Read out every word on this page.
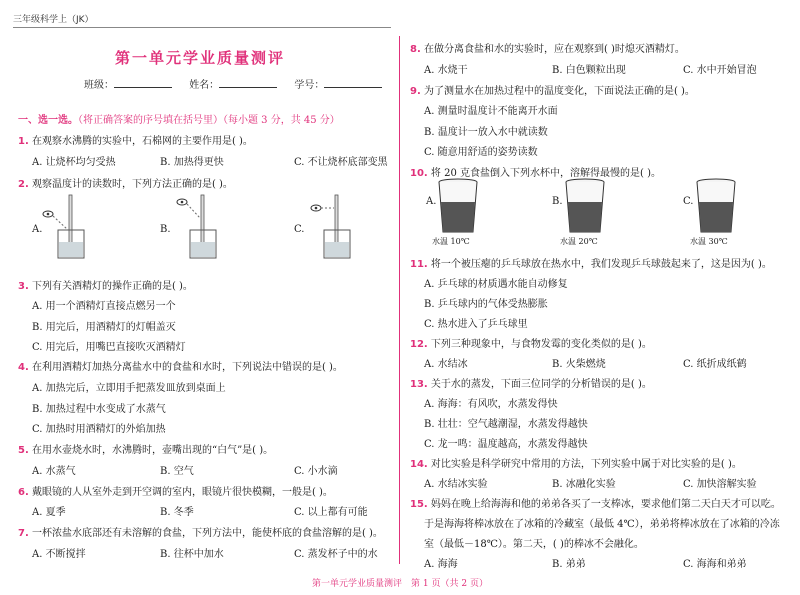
三年级科学上（JK）
第一单元学业质量测评
班级：	姓名：	学号：
一、选一选。（将正确答案的序号填在括号里）（每小题 3 分，共 45 分）
1. 在观察水沸腾的实验中，石棉网的主要作用是( )。
A. 让烧杯均匀受热	B. 加热得更快	C. 不让烧杯底部变黑
2. 观察温度计的读数时，下列方法正确的是( )。
A.	B.	C.
3. 下列有关酒精灯的操作正确的是( )。
A. 用一个酒精灯直接点燃另一个
B. 用完后，用酒精灯的灯帽盖灭
C. 用完后，用嘴巴直接吹灭酒精灯
4. 在利用酒精灯加热分离盐水中的食盐和水时，下列说法中错误的是( )。
A. 加热完后，立即用手把蒸发皿放到桌面上
B. 加热过程中水变成了水蒸气
C. 加热时用酒精灯的外焰加热
5. 在用水壶烧水时，水沸腾时，壶嘴出现的“白气”是( )。
A. 水蒸气	B. 空气	C. 小水滴
6. 戴眼镜的人从室外走到开空调的室内，眼镜片很快模糊，一般是( )。
A. 夏季	B. 冬季	C. 以上都有可能
7. 一杯浓盐水底部还有未溶解的食盐，下列方法中，能使杯底的食盐溶解的是( )。
A. 不断搅拌	B. 往杯中加水	C. 蒸发杯子中的水
8. 在做分离食盐和水的实验时，应在观察到( )时熄灭酒精灯。
A. 水烧干	B. 白色颗粒出现	C. 水中开始冒泡
9. 为了测量水在加热过程中的温度变化，下面说法正确的是( )。
A. 测量时温度计不能离开水面
B. 温度计一放入水中就读数
C. 随意用舒适的姿势读数
10. 将 20 克食盐倒入下列水杯中，溶解得最慢的是( )。
A.	B.	C.
水温 10℃	水温 20℃	水温 30℃
11. 将一个被压瘪的乒乓球放在热水中，我们发现乒乓球鼓起来了，这是因为( )。
A. 乒乓球的材质遇水能自动修复
B. 乒乓球内的气体受热膨胀
C. 热水进入了乒乓球里
12. 下列三种现象中，与食物发霉的变化类似的是( )。
A. 水结冰	B. 火柴燃烧	C. 纸折成纸鹤
13. 关于水的蒸发，下面三位同学的分析错误的是( )。
A. 海海：有风吹，水蒸发得快
B. 壮壮：空气越潮湿，水蒸发得越快
C. 龙一鸣：温度越高，水蒸发得越快
14. 对比实验是科学研究中常用的方法，下列实验中属于对比实验的是( )。
A. 水结冰实验	B. 冰融化实验	C. 加快溶解实验
15. 妈妈在晚上给海海和他的弟弟各买了一支棒冰，要求他们第二天白天才可以吃。
于是海海将棒冰放在了冰箱的冷藏室（最低 4℃），弟弟将棒冰放在了冰箱的冷冻
室（最低－18℃）。第二天，( )的棒冰不会融化。
A. 海海	B. 弟弟	C. 海海和弟弟
第一单元学业质量测评　第 1 页（共 2 页）
